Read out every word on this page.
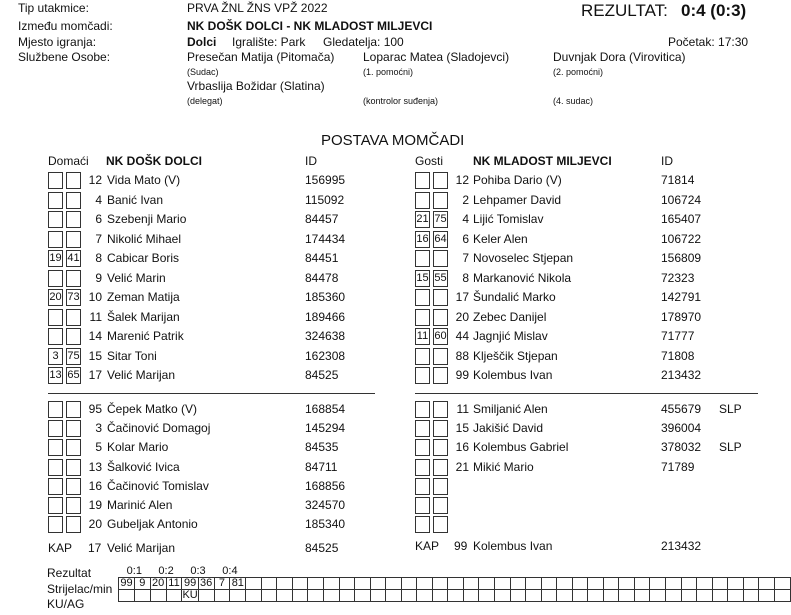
Tip utakmice:	PRVA ŽNL ŽNS VPŽ 2022	REZULTAT: 0:4 (0:3)
Između momčadi:	NK DOŠK DOLCI - NK MLADOST MILJEVCI
Mjesto igranja:	Dolci Igralište: Park Gledatelja: 100	Početak: 17:30
Službene Osobe:	Presečan Matija (Pitomača)
(Sudac)
Loparac Matea (Sladojevci)
(1. pomoćni)
Duvnjak Dora (Virovitica)
(2. pomoćni)
Vrbaslija Božidar (Slatina)
(delegat)	(kontrolor suđenja)	(4. sudac)
POSTAVA MOMČADI
Domaći NK DOŠK DOLCI	ID	Gosti NK MLADOST MILJEVCI	ID
12 Vida Mato (V)	156995
4 Banić Ivan	115092
6 Szebenji Mario	84457
7 Nikolić Mihael	174434
19 41	8 Cabicar Boris	84451
9 Velić Marin	84478
20 73 10 Zeman Matija	185360
11 Šalek Marijan	189466
14 Marenić Patrik	324638
3 75 15 Sitar Toni	162308
13 65 17 Velić Marijan	84525
12 Pohiba Dario (V)	71814
2 Lehpamer David	106724
21 75	4 Lijić Tomislav	165407
16 64	6 Keler Alen	106722
7 Novoselec Stjepan	156809
15 55	8 Markanović Nikola	72323
17 Šundalić Marko	142791
20 Zebec Danijel	178970
11 60 44 Jagnjić Mislav	71777
88 Klješčik Stjepan	71808
99 Kolembus Ivan	213432
95 Čepek Matko (V)	168854
3 Čačinović Domagoj	145294
5 Kolar Mario	84535
13 Šalković Ivica	84711
16 Čačinović Tomislav	168856
19 Marinić Alen	324570
20 Gubeljak Antonio	185340
11 Smiljanić Alen	455679 SLP
15 Jakišić David	396004
16 Kolembus Gabriel	378032 SLP
21 Mikić Mario	71789
KAP 17 Velić Marijan	84525	KAP 99 Kolembus Ivan	213432
Rezultat
Strijelac/min
KU/AG
0:1		0:2		0:3		0:4																																				
99	9	20	11	99	36	7	81																																			
				KU																																						
